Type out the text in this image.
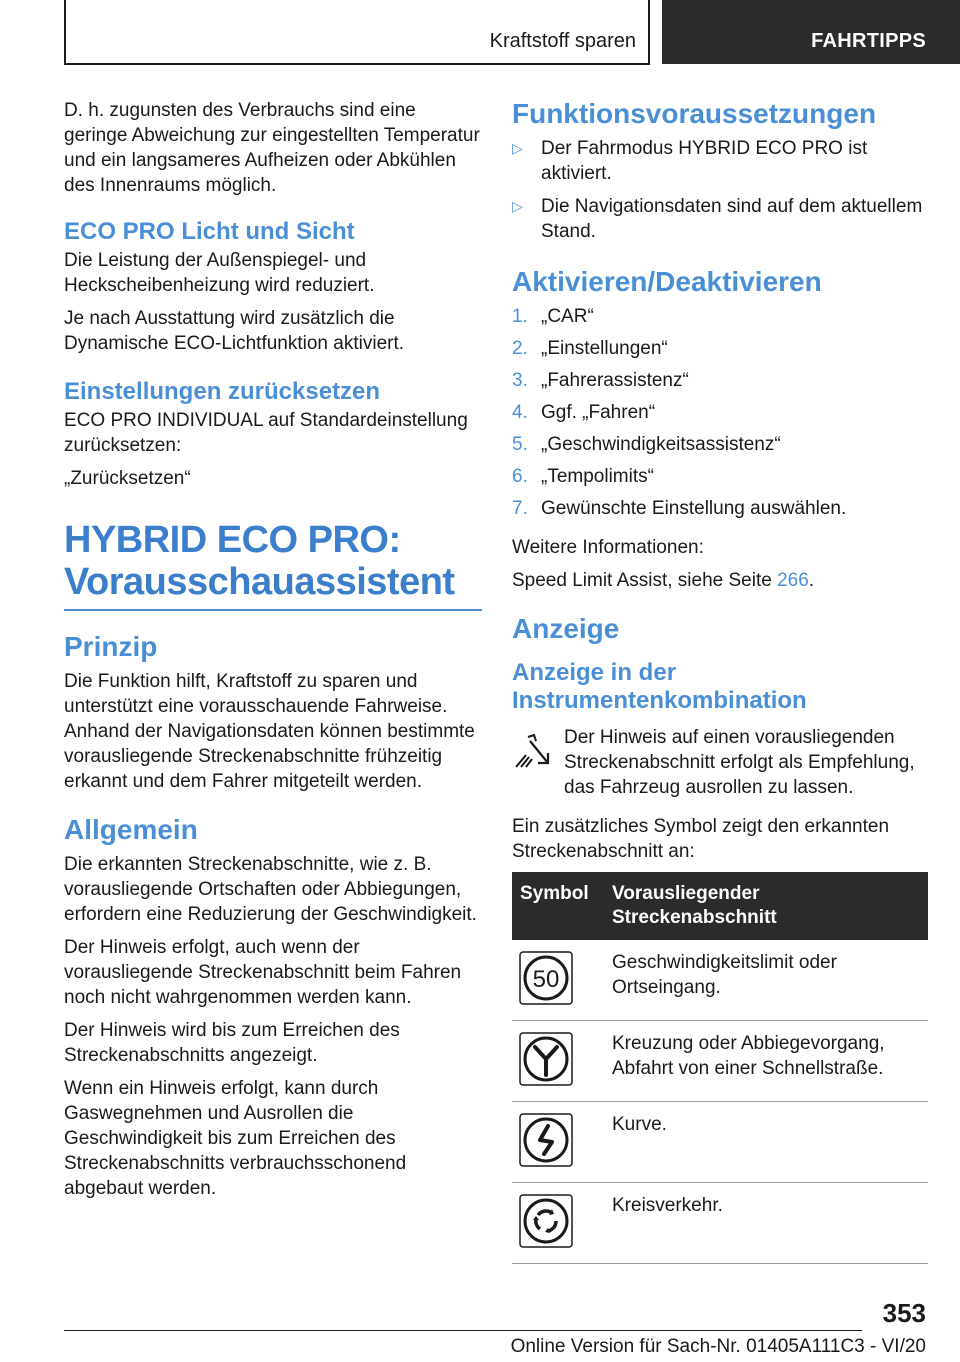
Kraftstoff sparen	FAHRTIPPS

D. h. zugunsten des Verbrauchs sind eine geringe Abweichung zur eingestellten Temperatur und ein langsameres Aufheizen oder Abkühlen des Innenraums möglich.

ECO PRO Licht und Sicht

Die Leistung der Außenspiegel- und Heckscheibenheizung wird reduziert.

Je nach Ausstattung wird zusätzlich die Dynamische ECO-Lichtfunktion aktiviert.

Einstellungen zurücksetzen

ECO PRO INDIVIDUAL auf Standardeinstellung zurücksetzen:

„Zurücksetzen“

HYBRID ECO PRO: Vorausschauassistent
Prinzip

Die Funktion hilft, Kraftstoff zu sparen und unterstützt eine vorausschauende Fahrweise. Anhand der Navigationsdaten können bestimmte vorausliegende Streckenabschnitte frühzeitig erkannt und dem Fahrer mitgeteilt werden.

Allgemein

Die erkannten Streckenabschnitte, wie z. B. vorausliegende Ortschaften oder Abbiegungen, erfordern eine Reduzierung der Geschwindigkeit.

Der Hinweis erfolgt, auch wenn der vorausliegende Streckenabschnitt beim Fahren noch nicht wahrgenommen werden kann.

Der Hinweis wird bis zum Erreichen des Streckenabschnitts angezeigt.

Wenn ein Hinweis erfolgt, kann durch Gaswegnehmen und Ausrollen die Geschwindigkeit bis zum Erreichen des Streckenabschnitts verbrauchsschonend abgebaut werden.

Funktionsvoraussetzungen
▷ Der Fahrmodus HYBRID ECO PRO ist aktiviert.
▷ Die Navigationsdaten sind auf dem aktuellem Stand.
Aktivieren/Deaktivieren
1. „CAR“
2. „Einstellungen“
3. „Fahrerassistenz“
4. Ggf. „Fahren“
5. „Geschwindigkeitsassistenz“
6. „Tempolimits“
7. Gewünschte Einstellung auswählen.

Weitere Informationen:

Speed Limit Assist, siehe Seite 266.

Anzeige
Anzeige in der Instrumentenkombination

Der Hinweis auf einen vorausliegenden Streckenabschnitt erfolgt als Empfehlung, das Fahrzeug ausrollen zu lassen.

Ein zusätzliches Symbol zeigt den erkannten Streckenabschnitt an:

Symbol	Vorausliegender Streckenabschnitt

50	Geschwindigkeitslimit oder Ortseingang.

	Kreuzung oder Abbiegevorgang, Abfahrt von einer Schnellstraße.

	Kurve.

	Kreisverkehr.
353
Online Version für Sach-Nr. 01405A111C3 - VI/20
